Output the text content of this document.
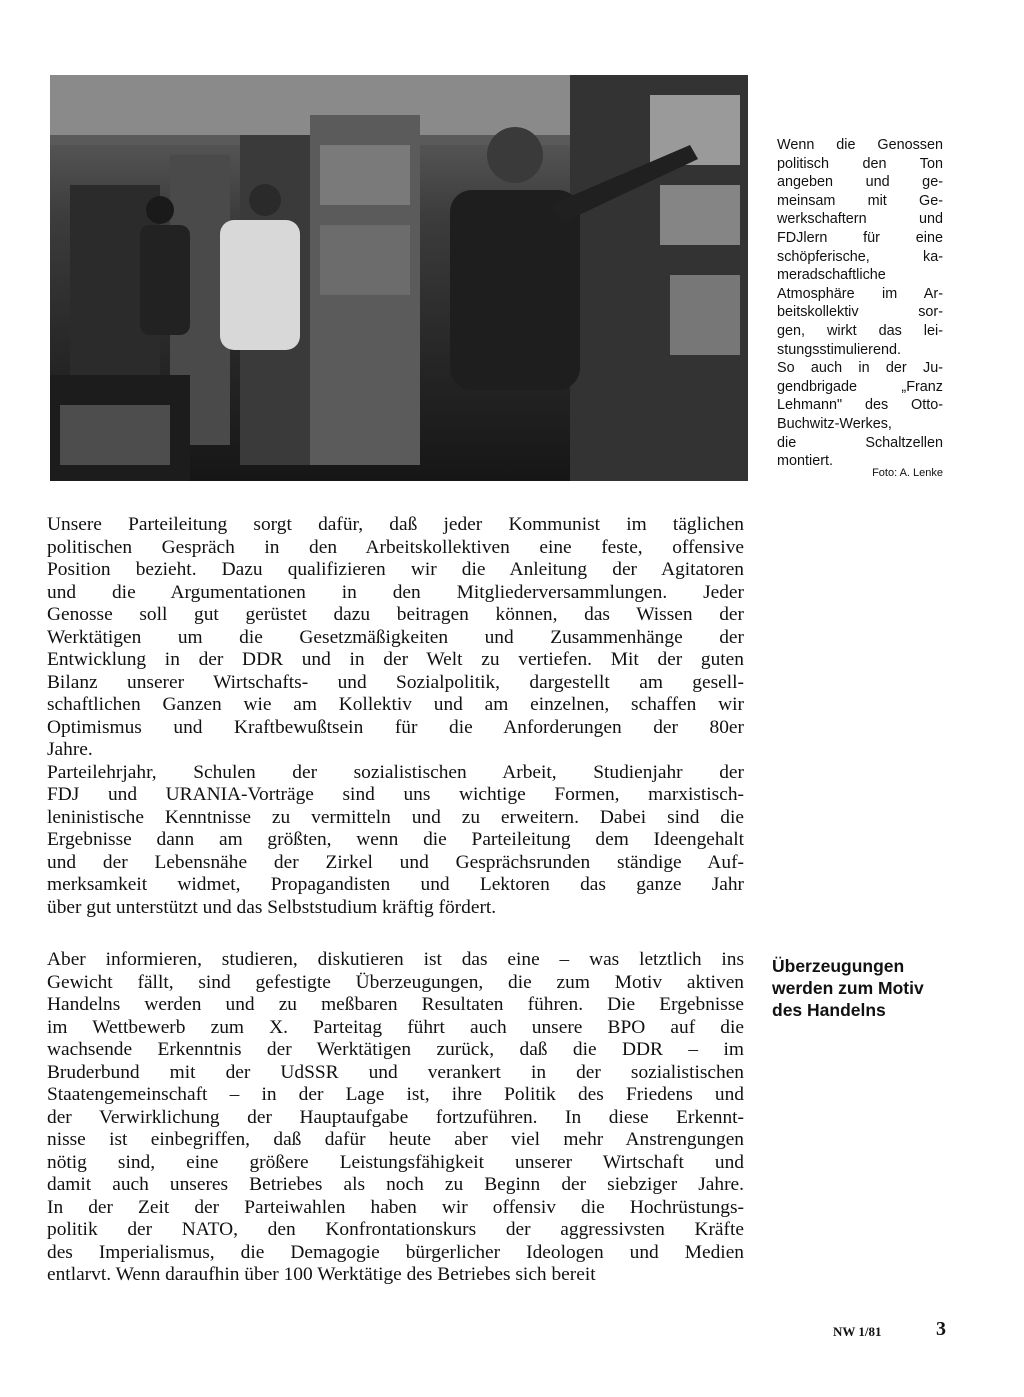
Wenn die Genossen
politisch den Ton
angeben und ge-
meinsam mit Ge-
werkschaftern und
FDJlern für eine
schöpferische, ka-
meradschaftliche
Atmosphäre im Ar-
beitskollektiv sor-
gen, wirkt das lei-
stungsstimulierend.
So auch in der Ju-
gendbrigade „Franz
Lehmann" des Otto-
Buchwitz-Werkes,
die Schaltzellen
montiert.
Foto: A. Lenke
Unsere Parteileitung sorgt dafür, daß jeder Kommunist im täglichen
politischen Gespräch in den Arbeitskollektiven eine feste, offensive
Position bezieht. Dazu qualifizieren wir die Anleitung der Agitatoren
und die Argumentationen in den Mitgliederversammlungen. Jeder
Genosse soll gut gerüstet dazu beitragen können, das Wissen der
Werktätigen um die Gesetzmäßigkeiten und Zusammenhänge der
Entwicklung in der DDR und in der Welt zu vertiefen. Mit der guten
Bilanz unserer Wirtschafts- und Sozialpolitik, dargestellt am gesell-
schaftlichen Ganzen wie am Kollektiv und am einzelnen, schaffen wir
Optimismus und Kraftbewußtsein für die Anforderungen der 80er
Jahre.
Parteilehrjahr, Schulen der sozialistischen Arbeit, Studienjahr der
FDJ und URANIA-Vorträge sind uns wichtige Formen, marxistisch-
leninistische Kenntnisse zu vermitteln und zu erweitern. Dabei sind die
Ergebnisse dann am größten, wenn die Parteileitung dem Ideengehalt
und der Lebensnähe der Zirkel und Gesprächsrunden ständige Auf-
merksamkeit widmet, Propagandisten und Lektoren das ganze Jahr
über gut unterstützt und das Selbststudium kräftig fördert.
Aber informieren, studieren, diskutieren ist das eine – was letztlich ins
Gewicht fällt, sind gefestigte Überzeugungen, die zum Motiv aktiven
Handelns werden und zu meßbaren Resultaten führen. Die Ergebnisse
im Wettbewerb zum X. Parteitag führt auch unsere BPO auf die
wachsende Erkenntnis der Werktätigen zurück, daß die DDR – im
Bruderbund mit der UdSSR und verankert in der sozialistischen
Staatengemeinschaft – in der Lage ist, ihre Politik des Friedens und
der Verwirklichung der Hauptaufgabe fortzuführen. In diese Erkennt-
nisse ist einbegriffen, daß dafür heute aber viel mehr Anstrengungen
nötig sind, eine größere Leistungsfähigkeit unserer Wirtschaft und
damit auch unseres Betriebes als noch zu Beginn der siebziger Jahre.
In der Zeit der Parteiwahlen haben wir offensiv die Hochrüstungs-
politik der NATO, den Konfrontationskurs der aggressivsten Kräfte
des Imperialismus, die Demagogie bürgerlicher Ideologen und Medien
entlarvt. Wenn daraufhin über 100 Werktätige des Betriebes sich bereit
Überzeugungen
werden zum Motiv
des Handelns
NW 1/81	3
